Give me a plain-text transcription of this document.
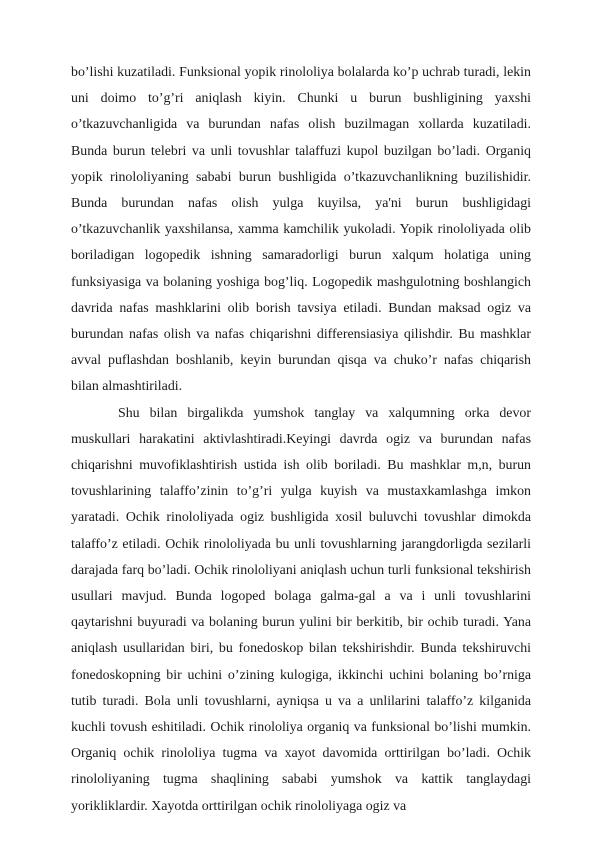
bo’lishi kuzatiladi. Funksional yopik rinololiya bolalarda ko’p uchrab turadi, lekin uni doimo to’g’ri aniqlash kiyin. Chunki u burun bushligining yaxshi o’tkazuvchanligida va burundan nafas olish buzilmagan xollarda kuzatiladi. Bunda burun telebri va unli tovushlar talaffuzi kupol buzilgan bo’ladi. Organiq yopik rinololiyaning sababi burun bushligida o’tkazuvchanlikning buzilishidir. Bunda burundan nafas olish yulga kuyilsa, ya'ni burun bushligidagi o’tkazuvchanlik yaxshilansa, xamma kamchilik yukoladi. Yopik rinololiyada olib boriladigan logopedik ishning samaradorligi burun xalqum holatiga uning funksiyasiga va bolaning yoshiga bog’liq. Logopedik mashgulotning boshlangich davrida nafas mashklarini olib borish tavsiya etiladi. Bundan maksad ogiz va burundan nafas olish va nafas chiqarishni differensiasiya qilishdir. Bu mashklar avval puflashdan boshlanib, keyin burundan qisqa va chuko’r nafas chiqarish bilan almashtiriladi.

Shu bilan birgalikda yumshok tanglay va xalqumning orka devor muskullari harakatini aktivlashtiradi.Keyingi davrda ogiz va burundan nafas chiqarishni muvofiklashtirish ustida ish olib boriladi. Bu mashklar m,n, burun tovushlarining talaffo’zinin to’g’ri yulga kuyish va mustaxkamlashga imkon yaratadi. Ochik rinololiyada ogiz bushligida xosil buluvchi tovushlar dimokda talaffo’z etiladi. Ochik rinololiyada bu unli tovushlarning jarangdorligda sezilarli darajada farq bo’ladi. Ochik rinololiyani aniqlash uchun turli funksional tekshirish usullari mavjud. Bunda logoped bolaga galma-gal a va i unli tovushlarini qaytarishni buyuradi va bolaning burun yulini bir berkitib, bir ochib turadi. Yana aniqlash usullaridan biri, bu fonedoskop bilan tekshirishdir. Bunda tekshiruvchi fonedoskopning bir uchini o’zining kulogiga, ikkinchi uchini bolaning bo’rniga tutib turadi. Bola unli tovushlarni, ayniqsa u va a unlilarini talaffo’z kilganida kuchli tovush eshitiladi. Ochik rinololiya organiq va funksional bo’lishi mumkin. Organiq ochik rinololiya tugma va xayot davomida orttirilgan bo’ladi. Ochik rinololiyaning tugma shaqlining sababi yumshok va kattik tanglaydagi yorikliklardir. Xayotda orttirilgan ochik rinololiyaga ogiz va
